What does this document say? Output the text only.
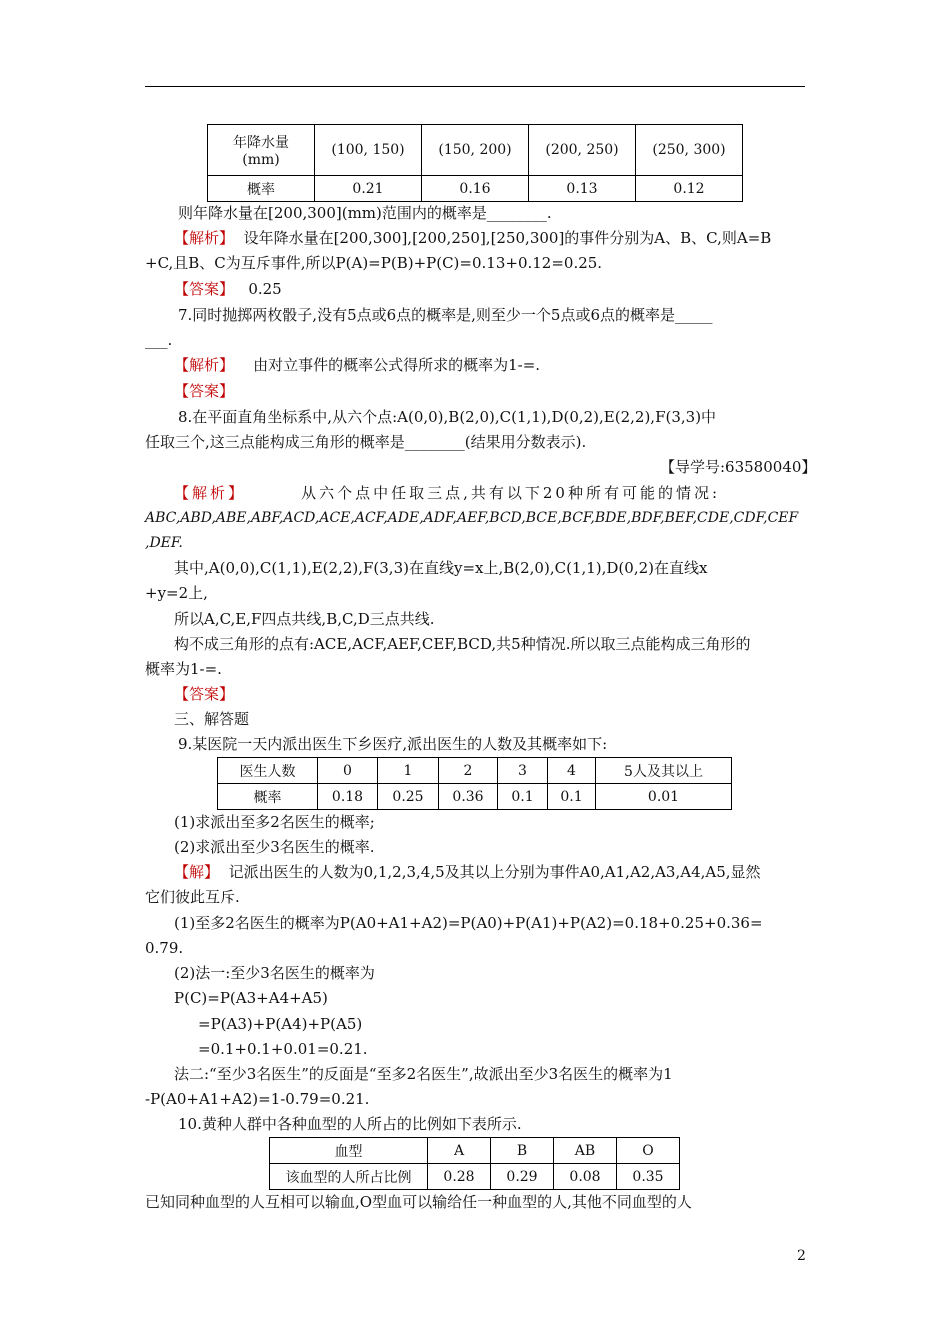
年降水量
(mm)	(100, 150)	(150, 200)	(200, 250)	(250, 300)
概率	0.21	0.16	0.13	0.12
则年降水量在[200,300](mm)范围内的概率是________.
【解析】 设年降水量在[200,300],[200,250],[250,300]的事件分别为A、B、C,则A=B
+C,且B、C为互斥事件,所以P(A)=P(B)+P(C)=0.13+0.12=0.25.
【答案】 0.25
7.同时抛掷两枚骰子,没有5点或6点的概率是,则至少一个5点或6点的概率是_____
___.
【解析】 由对立事件的概率公式得所求的概率为1-=.
【答案】
8.在平面直角坐标系中,从六个点:A(0,0),B(2,0),C(1,1),D(0,2),E(2,2),F(3,3)中
任取三个,这三点能构成三角形的概率是________(结果用分数表示).
【导学号:63580040】
【解析】	从六个点中任取三点,共有以下20种所有可能的情况:
ABC,ABD,ABE,ABF,ACD,ACE,ACF,ADE,ADF,AEF,BCD,BCE,BCF,BDE,BDF,BEF,CDE,CDF,CEF
,DEF.
其中,A(0,0),C(1,1),E(2,2),F(3,3)在直线y=x上,B(2,0),C(1,1),D(0,2)在直线x
+y=2上,
所以A,C,E,F四点共线,B,C,D三点共线.
构不成三角形的点有:ACE,ACF,AEF,CEF,BCD,共5种情况.所以取三点能构成三角形的
概率为1-=.
【答案】
三、解答题
9.某医院一天内派出医生下乡医疗,派出医生的人数及其概率如下:
医生人数	0	1	2	3	4	5人及其以上
概率	0.18	0.25	0.36	0.1	0.1	0.01
(1)求派出至多2名医生的概率;
(2)求派出至少3名医生的概率.
【解】 记派出医生的人数为0,1,2,3,4,5及其以上分别为事件A0,A1,A2,A3,A4,A5,显然
它们彼此互斥.
(1)至多2名医生的概率为P(A0+A1+A2)=P(A0)+P(A1)+P(A2)=0.18+0.25+0.36=
0.79.
(2)法一:至少3名医生的概率为
P(C)=P(A3+A4+A5)
=P(A3)+P(A4)+P(A5)
=0.1+0.1+0.01=0.21.
法二:“至少3名医生”的反面是“至多2名医生”,故派出至少3名医生的概率为1
-P(A0+A1+A2)=1-0.79=0.21.
10.黄种人群中各种血型的人所占的比例如下表所示.
血型	A	B	AB	O
该血型的人所占比例	0.28	0.29	0.08	0.35
已知同种血型的人互相可以输血,O型血可以输给任一种血型的人,其他不同血型的人
2
